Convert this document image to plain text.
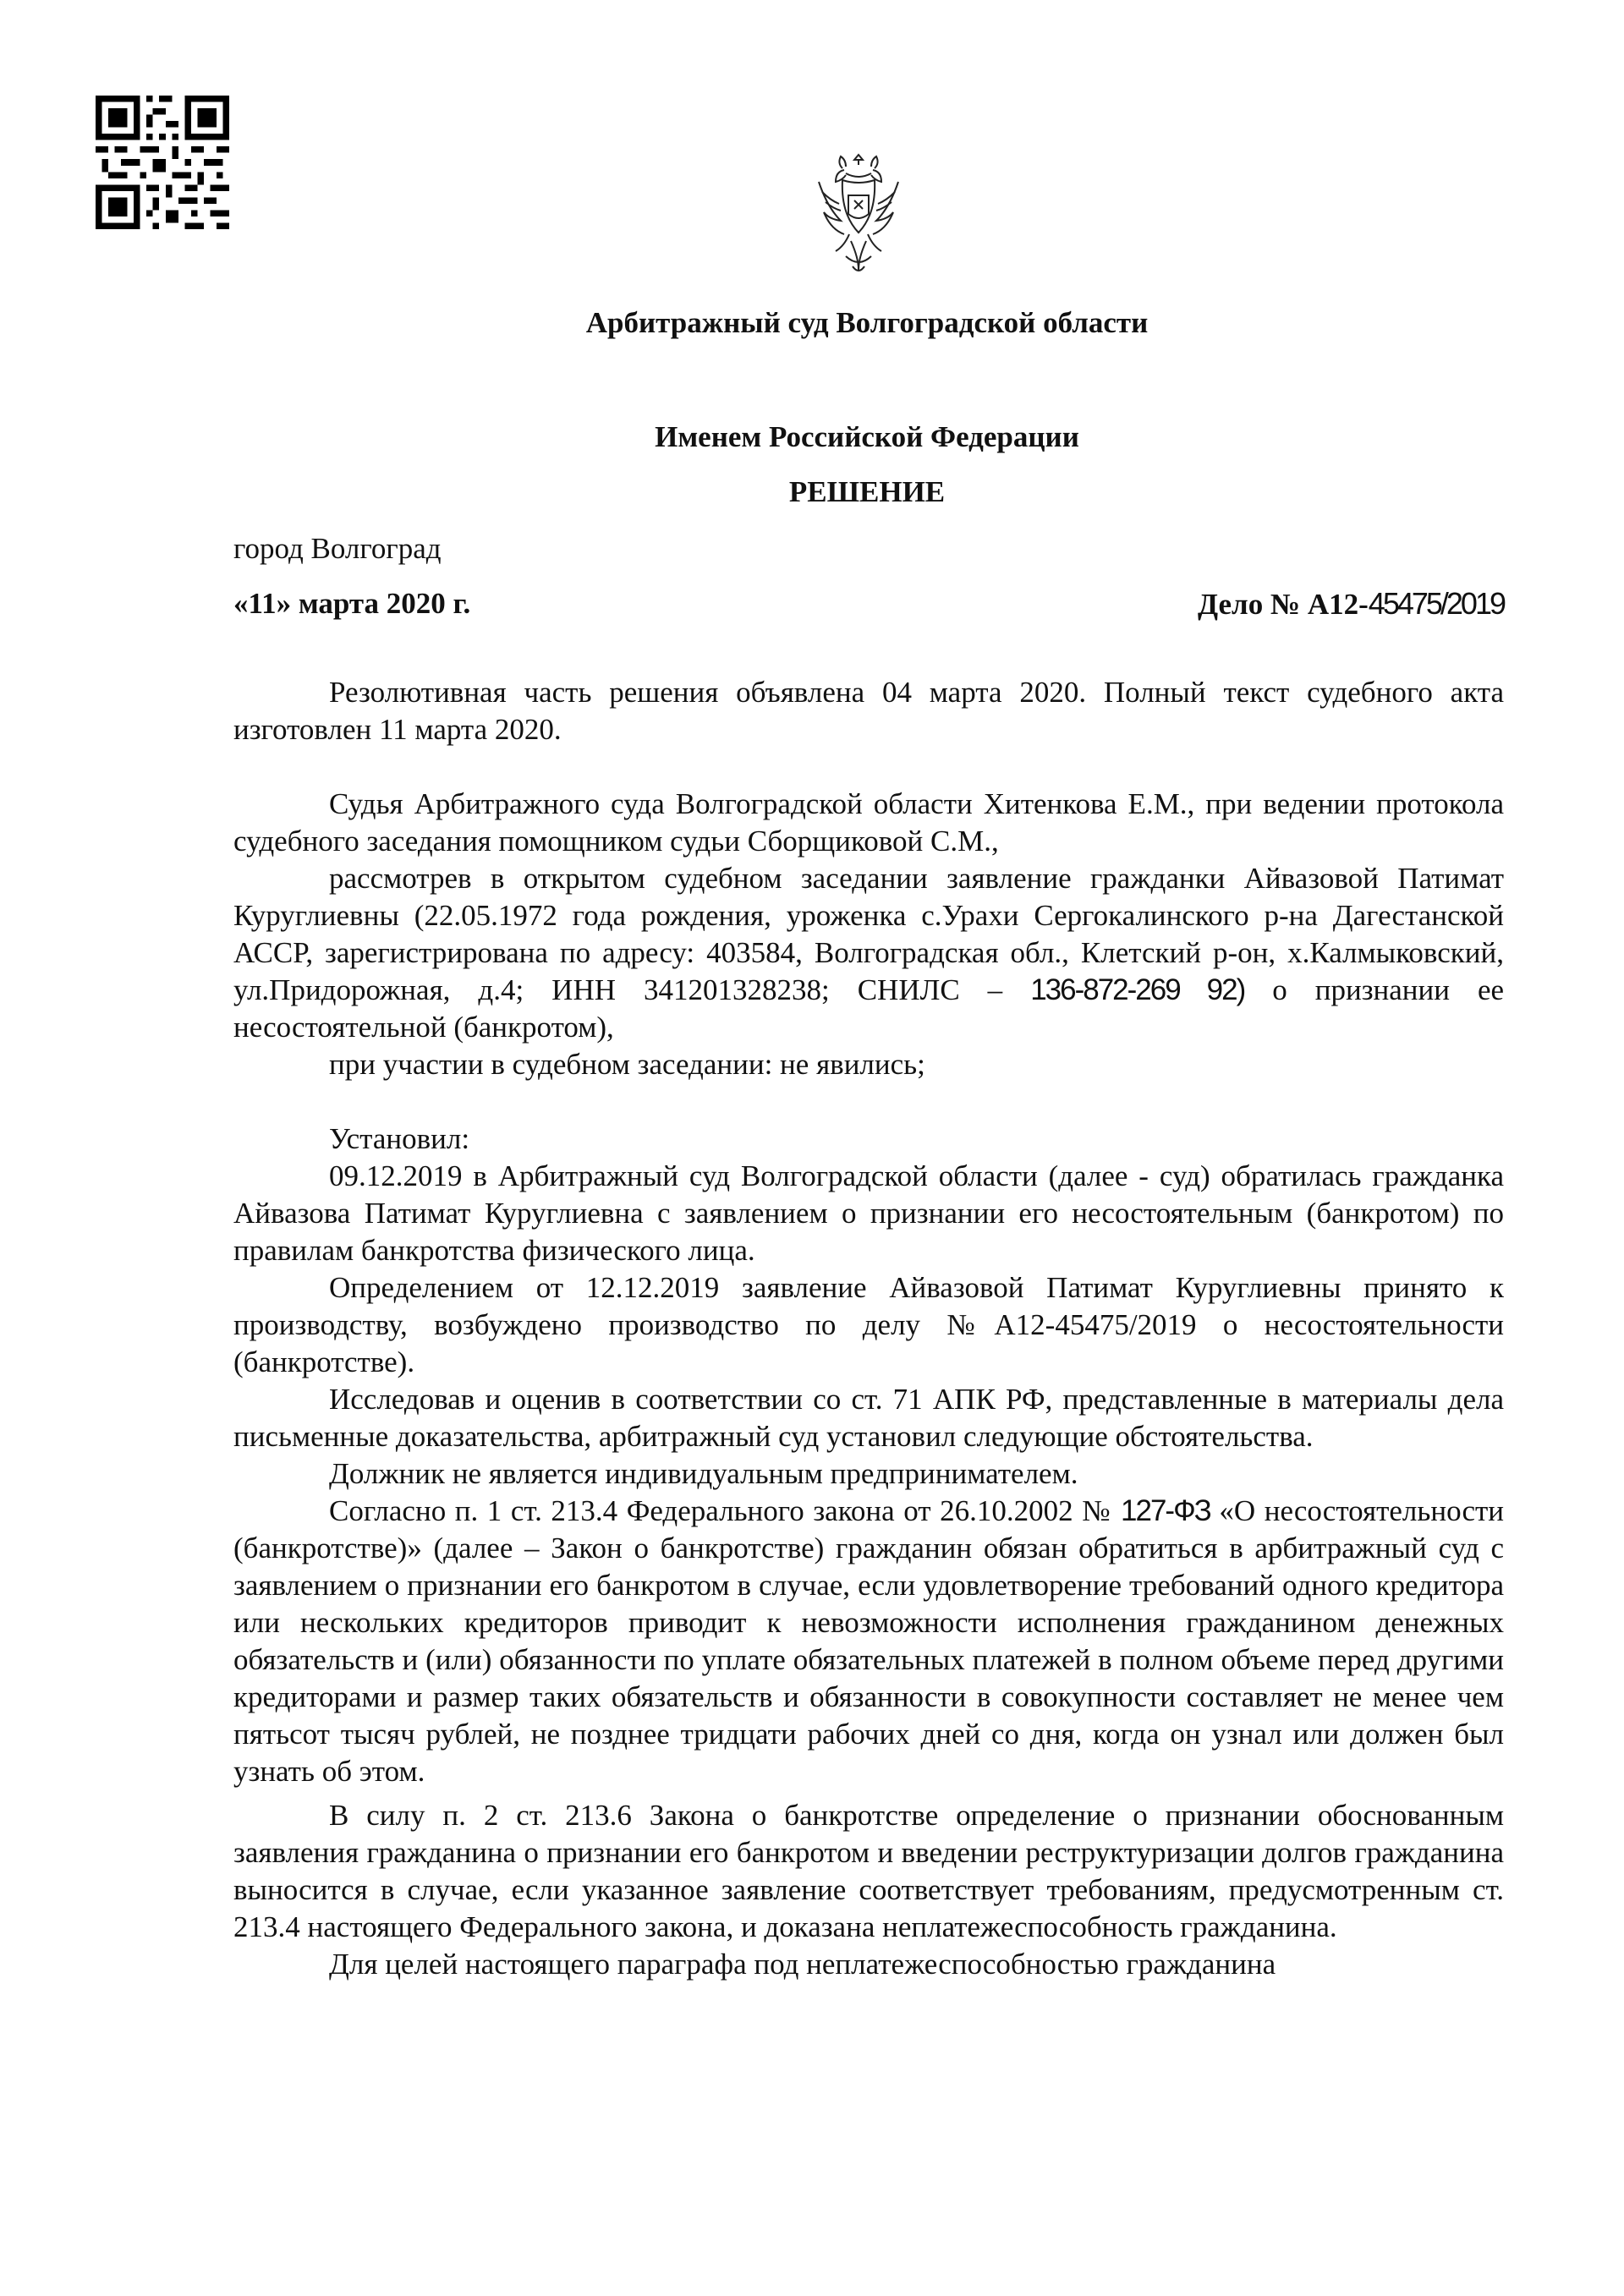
Арбитражный суд Волгоградской области
Именем Российской Федерации
РЕШЕНИЕ
город Волгоград
«11» марта 2020 г.	Дело № А12-45475/2019

Резолютивная часть решения объявлена 04 марта 2020. Полный текст судебного акта изготовлен 11 марта 2020.

Судья Арбитражного суда Волгоградской области Хитенкова Е.М., при ведении протокола судебного заседания помощником судьи Сборщиковой С.М.,

рассмотрев в открытом судебном заседании заявление гражданки Айвазовой Патимат Куруглиевны (22.05.1972 года рождения, уроженка с.Урахи Сергокалинского р-на Дагестанской АССР, зарегистрирована по адресу: 403584, Волгоградская обл., Клетский р-он, х.Калмыковский, ул.Придорожная, д.4; ИНН 341201328238; СНИЛС – 136-872-269 92) о признании ее несостоятельной (банкротом),

при участии в судебном заседании: не явились;

Установил:

09.12.2019 в Арбитражный суд Волгоградской области (далее - суд) обратилась гражданка Айвазова Патимат Куруглиевна с заявлением о признании его несостоятельным (банкротом) по правилам банкротства физического лица.

Определением от 12.12.2019 заявление Айвазовой Патимат Куруглиевны принято к производству, возбуждено производство по делу №А12-45475/2019 о несостоятельности (банкротстве).

Исследовав и оценив в соответствии со ст. 71 АПК РФ, представленные в материалы дела письменные доказательства, арбитражный суд установил следующие обстоятельства.

Должник не является индивидуальным предпринимателем.

Согласно п. 1 ст. 213.4 Федерального закона от 26.10.2002 № 127-ФЗ «О несостоятельности (банкротстве)» (далее – Закон о банкротстве) гражданин обязан обратиться в арбитражный суд с заявлением о признании его банкротом в случае, если удовлетворение требований одного кредитора или нескольких кредиторов приводит к невозможности исполнения гражданином денежных обязательств и (или) обязанности по уплате обязательных платежей в полном объеме перед другими кредиторами и размер таких обязательств и обязанности в совокупности составляет не менее чем пятьсот тысяч рублей, не позднее тридцати рабочих дней со дня, когда он узнал или должен был узнать об этом.

В силу п. 2 ст. 213.6 Закона о банкротстве определение о признании обоснованным заявления гражданина о признании его банкротом и введении реструктуризации долгов гражданина выносится в случае, если указанное заявление соответствует требованиям, предусмотренным ст. 213.4 настоящего Федерального закона, и доказана неплатежеспособность гражданина.

Для целей настоящего параграфа под неплатежеспособностью гражданина
